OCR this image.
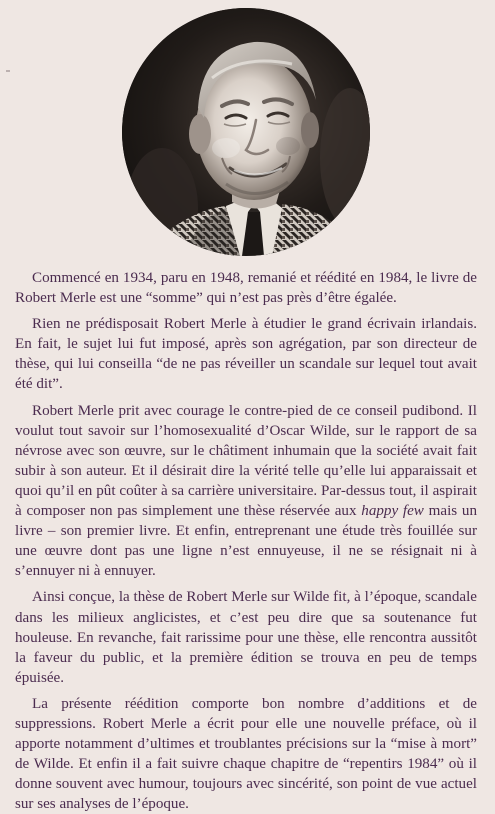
Commencé en 1934, paru en 1948, remanié et réédité en 1984, le livre de Robert Merle est une “somme” qui n’est pas près d’être égalée.

Rien ne prédisposait Robert Merle à étudier le grand écrivain irlandais. En fait, le sujet lui fut imposé, après son agrégation, par son directeur de thèse, qui lui conseilla “de ne pas réveiller un scandale sur lequel tout avait été dit”.

Robert Merle prit avec courage le contre-pied de ce conseil pudibond. Il voulut tout savoir sur l’homosexualité d’Oscar Wilde, sur le rapport de sa névrose avec son œuvre, sur le châtiment inhumain que la société avait fait subir à son auteur. Et il désirait dire la vérité telle qu’elle lui apparaissait et quoi qu’il en pût coûter à sa carrière universitaire. Par-dessus tout, il aspirait à composer non pas simplement une thèse réservée aux happy few mais un livre – son premier livre. Et enfin, entreprenant une étude très fouillée sur une œuvre dont pas une ligne n’est ennuyeuse, il ne se résignait ni à s’ennuyer ni à ennuyer.

Ainsi conçue, la thèse de Robert Merle sur Wilde fit, à l’époque, scandale dans les milieux anglicistes, et c’est peu dire que sa soutenance fut houleuse. En revanche, fait rarissime pour une thèse, elle rencontra aussitôt la faveur du public, et la première édition se trouva en peu de temps épuisée.

La présente réédition comporte bon nombre d’additions et de suppressions. Robert Merle a écrit pour elle une nouvelle préface, où il apporte notamment d’ultimes et troublantes précisions sur la “mise à mort” de Wilde. Et enfin il a fait suivre chaque chapitre de “repentirs 1984” où il donne souvent avec humour, toujours avec sincérité, son point de vue actuel sur ses analyses de l’époque.
